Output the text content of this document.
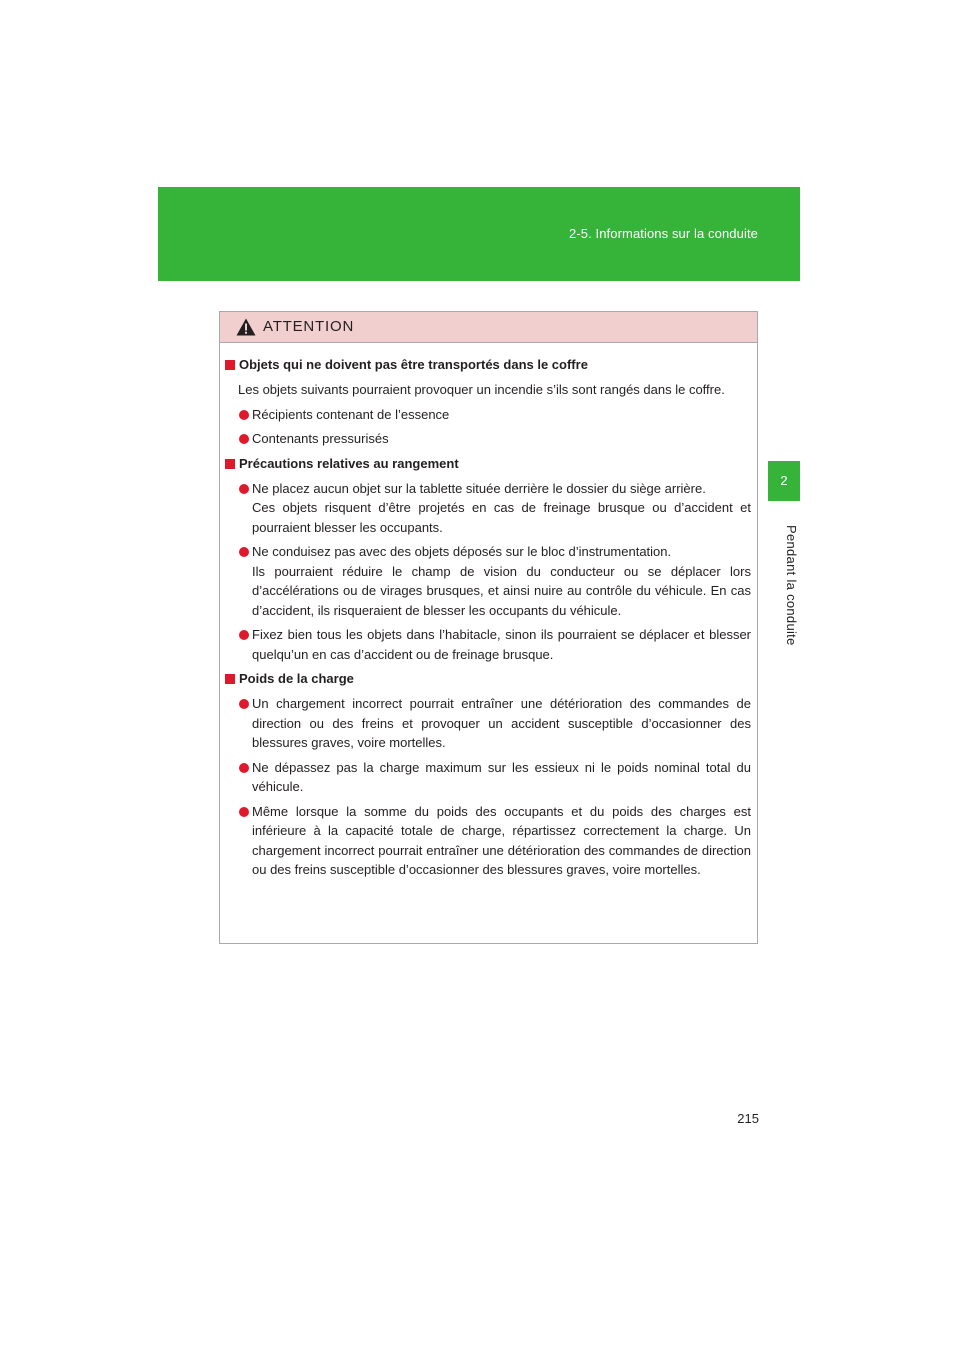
2-5. Informations sur la conduite
2
Pendant la conduite
ATTENTION
Objets qui ne doivent pas être transportés dans le coffre
Les objets suivants pourraient provoquer un incendie s’ils sont rangés dans le coffre.
Récipients contenant de l’essence
Contenants pressurisés
Précautions relatives au rangement
Ne placez aucun objet sur la tablette située derrière le dossier du siège arrière.
Ces objets risquent d’être projetés en cas de freinage brusque ou d’accident et pourraient blesser les occupants.
Ne conduisez pas avec des objets déposés sur le bloc d’instrumentation.
Ils pourraient réduire le champ de vision du conducteur ou se déplacer lors d’accélérations ou de virages brusques, et ainsi nuire au contrôle du véhicule. En cas d’accident, ils risqueraient de blesser les occupants du véhicule.
Fixez bien tous les objets dans l’habitacle, sinon ils pourraient se déplacer et blesser quelqu’un en cas d’accident ou de freinage brusque.
Poids de la charge
Un chargement incorrect pourrait entraîner une détérioration des commandes de direction ou des freins et provoquer un accident susceptible d’occasionner des blessures graves, voire mortelles.
Ne dépassez pas la charge maximum sur les essieux ni le poids nominal total du véhicule.
Même lorsque la somme du poids des occupants et du poids des charges est inférieure à la capacité totale de charge, répartissez correctement la charge. Un chargement incorrect pourrait entraîner une détérioration des commandes de direction ou des freins susceptible d’occasionner des blessures graves, voire mortelles.
215
